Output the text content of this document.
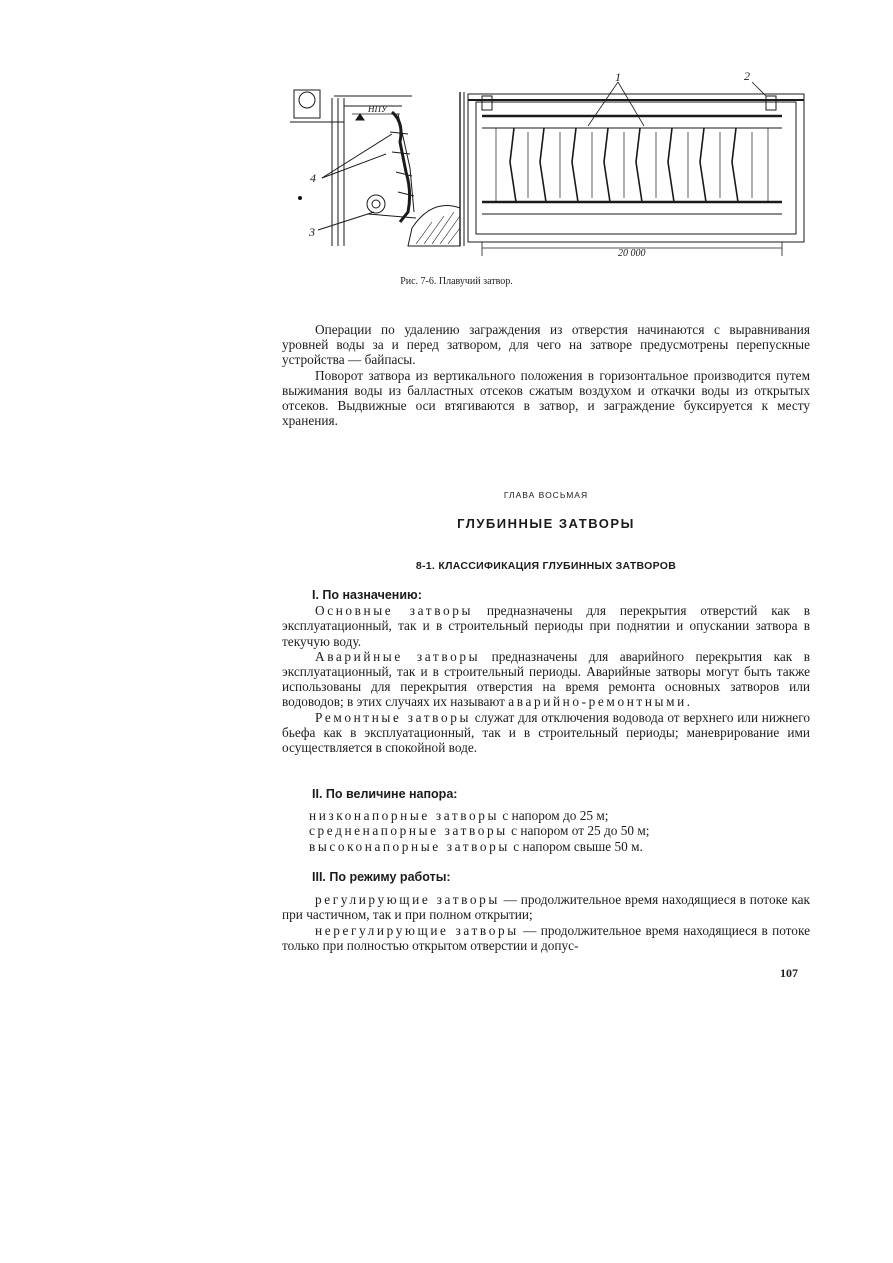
1	2
4
3
20 000
НПУ
Рис. 7-6. Плавучий затвор.

Операции по удалению заграждения из отверстия начинаются с выравнивания уровней воды за и перед затвором, для чего на затворе предусмотрены перепускные устройства — байпасы.

Поворот затвора из вертикального положения в горизонтальное производится путем выжимания воды из балластных отсеков сжатым воздухом и откачки воды из открытых отсеков. Выдвижные оси втягиваются в затвор, и заграждение буксируется к месту хранения.

ГЛАВА ВОСЬМАЯ
ГЛУБИННЫЕ ЗАТВОРЫ
8-1. КЛАССИФИКАЦИЯ ГЛУБИННЫХ ЗАТВОРОВ

I. По назначению:

Основные затворы предназначены для перекрытия отверстий как в эксплуатационный, так и в строительный периоды при поднятии и опускании затвора в текучую воду.

Аварийные затворы предназначены для аварийного перекрытия как в эксплуатационный, так и в строительный периоды. Аварийные затворы могут быть также использованы для перекрытия отверстия на время ремонта основных затворов или водоводов; в этих случаях их называют аварийно-ремонтными.

Ремонтные затворы служат для отключения водовода от верхнего или нижнего бьефа как в эксплуатационный, так и в строительный периоды; маневрирование ими осуществляется в спокойной воде.

II. По величине напора:

низконапорные затворы с напором до 25 м;

средненапорные затворы с напором от 25 до 50 м;

высоконапорные затворы с напором свыше 50 м.

III. По режиму работы:

регулирующие затворы — продолжительное время находящиеся в потоке как при частичном, так и при полном открытии;

нерегулирующие затворы — продолжительное время находящиеся в потоке только при полностью открытом отверстии и допус-

107
